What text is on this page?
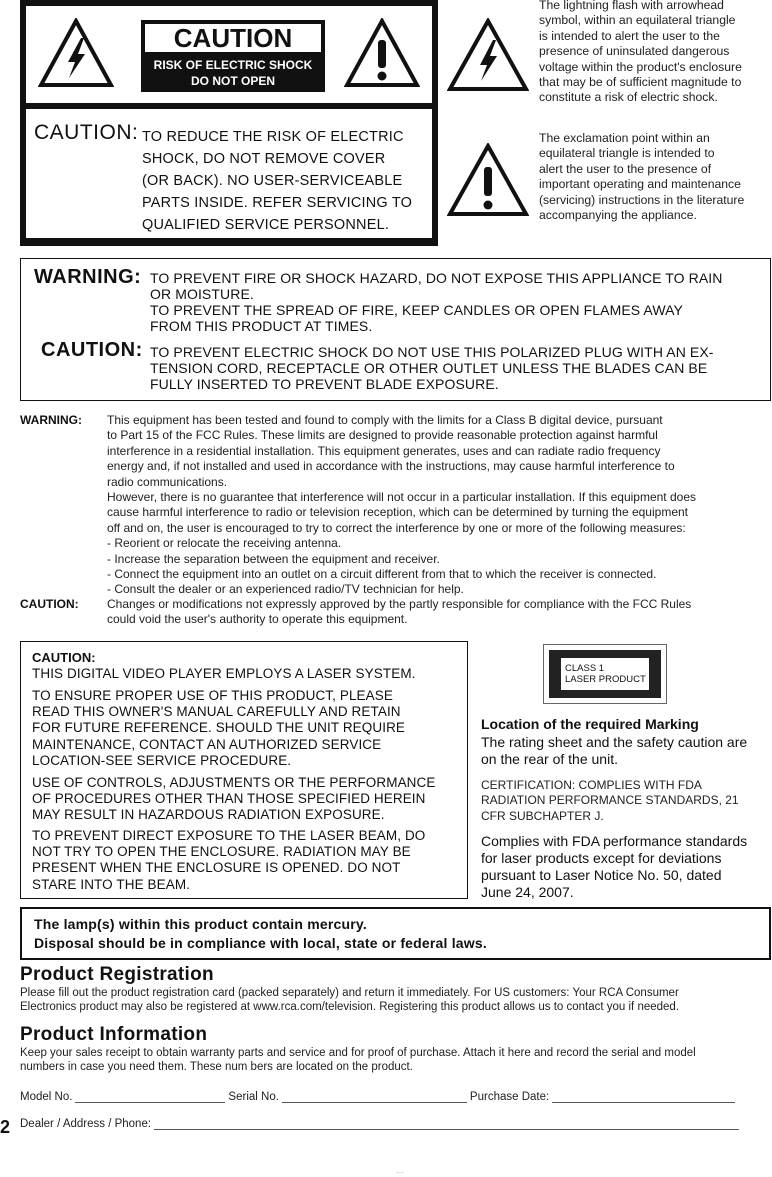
CAUTION
RISK OF ELECTRIC SHOCK
DO NOT OPEN
CAUTION: TO REDUCE THE RISK OF ELECTRIC
SHOCK, DO NOT REMOVE COVER
(OR BACK). NO USER-SERVICEABLE
PARTS INSIDE. REFER SERVICING TO
QUALIFIED SERVICE PERSONNEL.
The lightning flash with arrowhead
symbol, within an equilateral triangle
is intended to alert the user to the
presence of uninsulated dangerous
voltage within the product's enclosure
that may be of sufficient magnitude to
constitute a risk of electric shock.
The exclamation point within an
equilateral triangle is intended to
alert the user to the presence of
important operating and maintenance
(servicing) instructions in the literature
accompanying the appliance.
WARNING: TO PREVENT FIRE OR SHOCK HAZARD, DO NOT EXPOSE THIS APPLIANCE TO RAIN
OR MOISTURE.
TO PREVENT THE SPREAD OF FIRE, KEEP CANDLES OR OPEN FLAMES AWAY
FROM THIS PRODUCT AT TIMES.
CAUTION: TO PREVENT ELECTRIC SHOCK DO NOT USE THIS POLARIZED PLUG WITH AN EX-
TENSION CORD, RECEPTACLE OR OTHER OUTLET UNLESS THE BLADES CAN BE
FULLY INSERTED TO PREVENT BLADE EXPOSURE.
WARNING: This equipment has been tested and found to comply with the limits for a Class B digital device, pursuant
to Part 15 of the FCC Rules. These limits are designed to provide reasonable protection against harmful
interference in a residential installation. This equipment generates, uses and can radiate radio frequency
energy and, if not installed and used in accordance with the instructions, may cause harmful interference to
radio communications.
However, there is no guarantee that interference will not occur in a particular installation. If this equipment does
cause harmful interference to radio or television reception, which can be determined by turning the equipment
off and on, the user is encouraged to try to correct the interference by one or more of the following measures:
- Reorient or relocate the receiving antenna.
- Increase the separation between the equipment and receiver.
- Connect the equipment into an outlet on a circuit different from that to which the receiver is connected.
- Consult the dealer or an experienced radio/TV technician for help.
CAUTION: Changes or modifications not expressly approved by the partly responsible for compliance with the FCC Rules
could void the user's authority to operate this equipment.
CAUTION:
THIS DIGITAL VIDEO PLAYER EMPLOYS A LASER SYSTEM.
TO ENSURE PROPER USE OF THIS PRODUCT, PLEASE
READ THIS OWNER'S MANUAL CAREFULLY AND RETAIN
FOR FUTURE REFERENCE. SHOULD THE UNIT REQUIRE
MAINTENANCE, CONTACT AN AUTHORIZED SERVICE
LOCATION-SEE SERVICE PROCEDURE.
USE OF CONTROLS, ADJUSTMENTS OR THE PERFORMANCE
OF PROCEDURES OTHER THAN THOSE SPECIFIED HEREIN
MAY RESULT IN HAZARDOUS RADIATION EXPOSURE.
TO PREVENT DIRECT EXPOSURE TO THE LASER BEAM, DO
NOT TRY TO OPEN THE ENCLOSURE. RADIATION MAY BE
PRESENT WHEN THE ENCLOSURE IS OPENED. DO NOT
STARE INTO THE BEAM.
CLASS 1
LASER PRODUCT
Location of the required Marking
The rating sheet and the safety caution are
on the rear of the unit.
CERTIFICATION: COMPLIES WITH FDA
RADIATION PERFORMANCE STANDARDS, 21
CFR SUBCHAPTER J.
Complies with FDA performance standards
for laser products except for deviations
pursuant to Laser Notice No. 50, dated
June 24, 2007.
The lamp(s) within this product contain mercury.
Disposal should be in compliance with local, state or federal laws.
Product Registration
Please fill out the product registration card (packed separately) and return it immediately. For US customers: Your RCA Consumer
Electronics product may also be registered at www.rca.com/television. Registering this product allows us to contact you if needed.
Product Information
Keep your sales receipt to obtain warranty parts and service and for proof of purchase. Attach it here and record the serial and model
numbers in case you need them. These num bers are located on the product.
Model No.	Serial No.	Purchase Date:
Dealer / Address / Phone:
2
···
